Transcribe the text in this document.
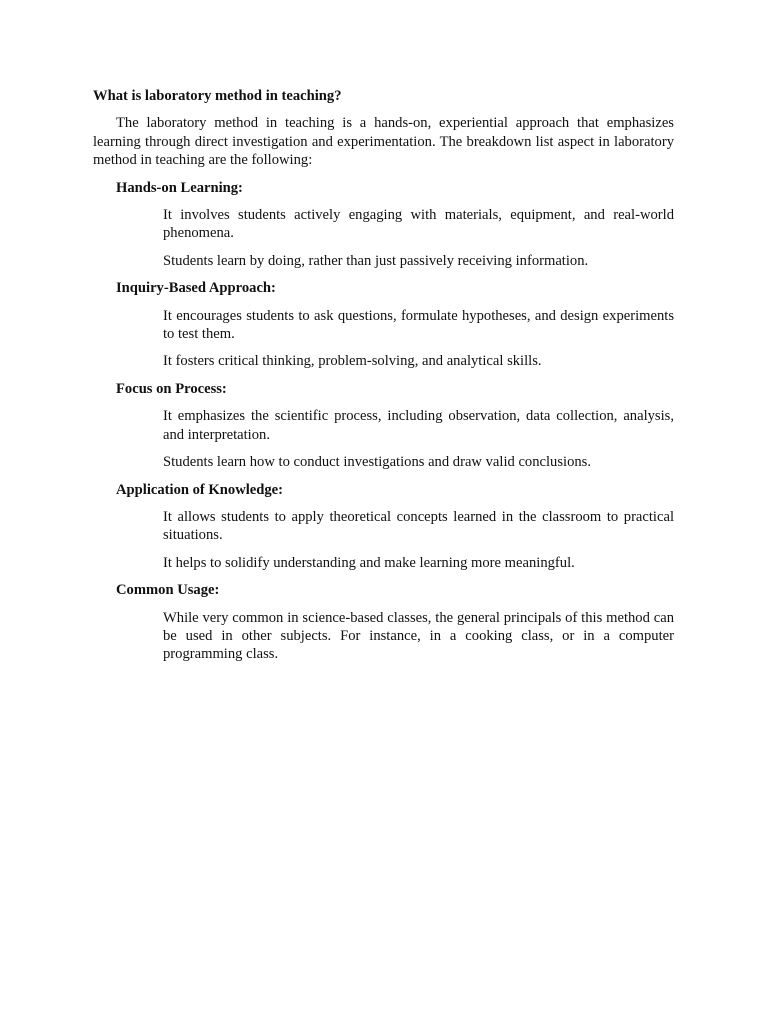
What is laboratory method in teaching?
The laboratory method in teaching is a hands-on, experiential approach that emphasizes learning through direct investigation and experimentation. The breakdown list aspect in laboratory method in teaching are the following:
Hands-on Learning:
It involves students actively engaging with materials, equipment, and real-world phenomena.
Students learn by doing, rather than just passively receiving information.
Inquiry-Based Approach:
It encourages students to ask questions, formulate hypotheses, and design experiments to test them.
It fosters critical thinking, problem-solving, and analytical skills.
Focus on Process:
It emphasizes the scientific process, including observation, data collection, analysis, and interpretation.
Students learn how to conduct investigations and draw valid conclusions.
Application of Knowledge:
It allows students to apply theoretical concepts learned in the classroom to practical situations.
It helps to solidify understanding and make learning more meaningful.
Common Usage:
While very common in science-based classes, the general principals of this method can be used in other subjects. For instance, in a cooking class, or in a computer programming class.
